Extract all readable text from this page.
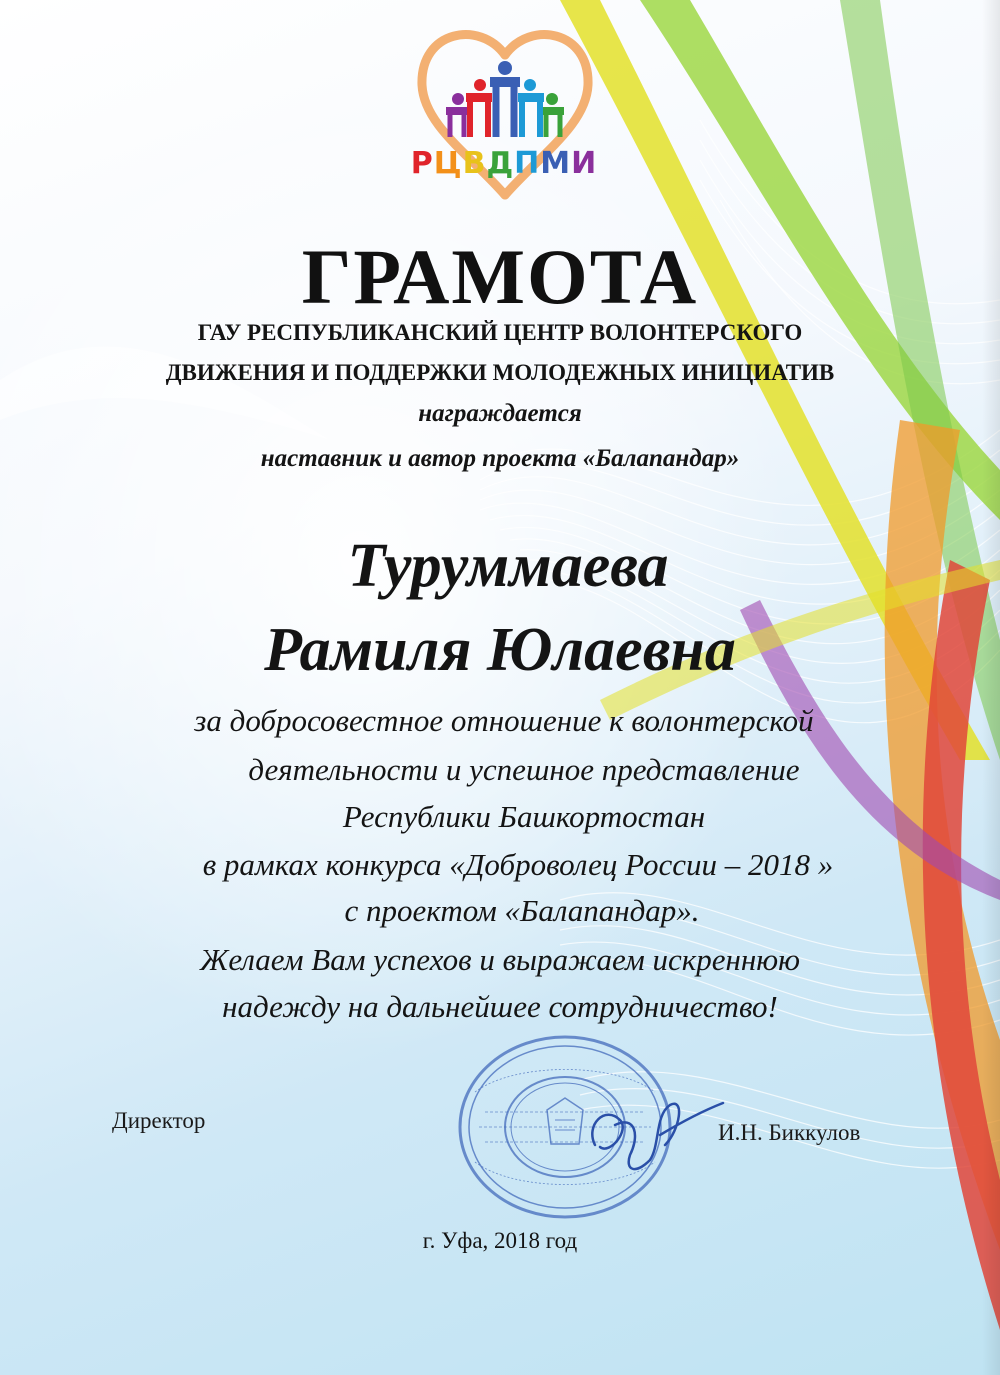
РЦВДПМИ
ГРАМОТА
ГАУ РЕСПУБЛИКАНСКИЙ ЦЕНТР ВОЛОНТЕРСКОГО
ДВИЖЕНИЯ И ПОДДЕРЖКИ МОЛОДЕЖНЫХ ИНИЦИАТИВ
награждается
наставник и автор проекта «Балапандар»
Туруммаева
Рамиля Юлаевна
за добросовестное отношение к волонтерской
деятельности и успешное представление
Республики Башкортостан
в рамках конкурса «Доброволец России – 2018 »
с проектом «Балапандар».
Желаем Вам успехов и выражаем искреннюю
надежду на дальнейшее сотрудничество!
Директор	И.Н. Биккулов
г. Уфа, 2018 год
